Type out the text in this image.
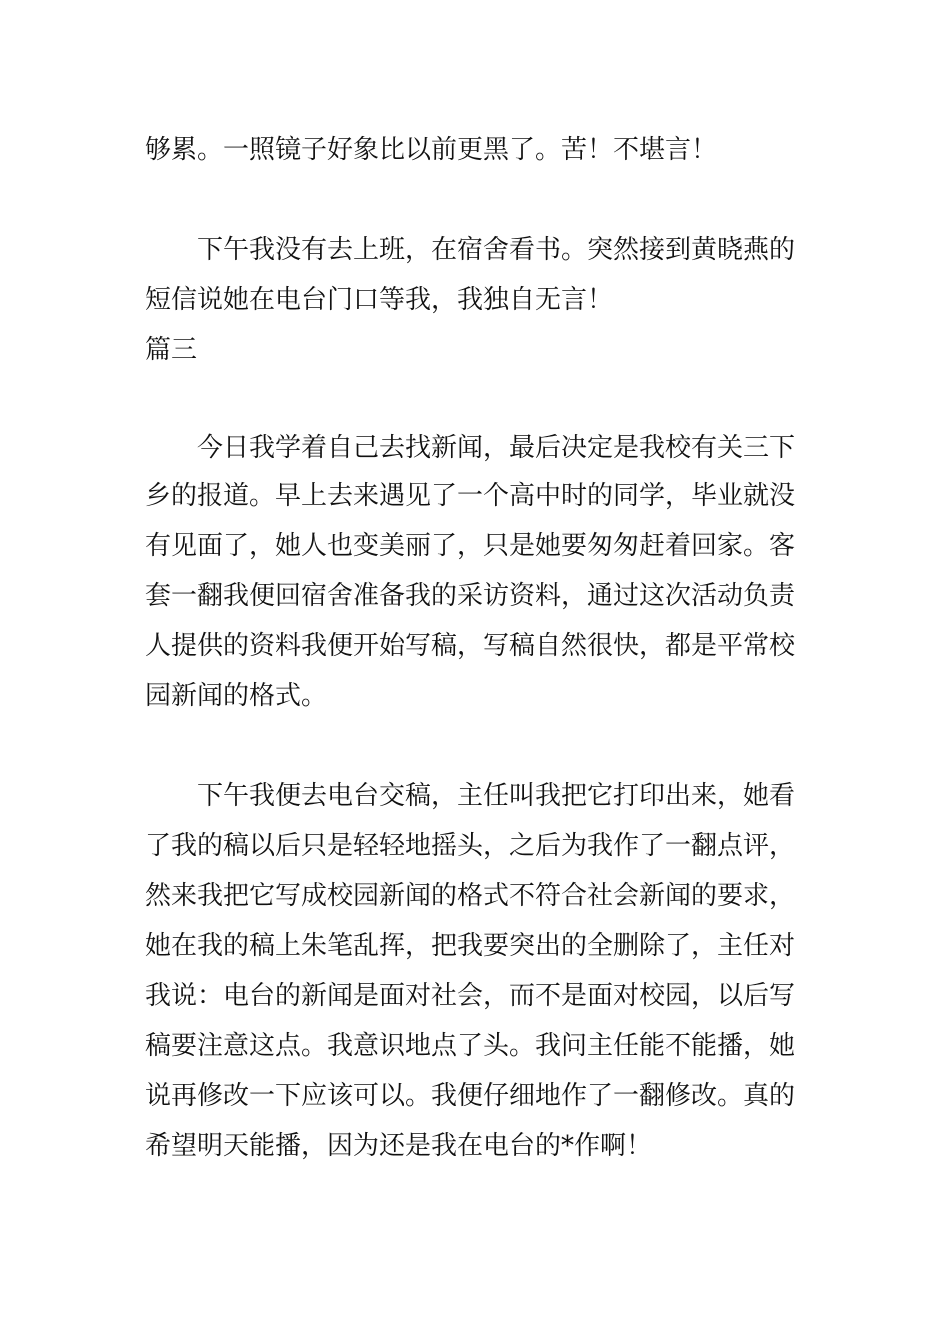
够累。一照镜子好象比以前更黑了。苦！不堪言！
下午我没有去上班，在宿舍看书。突然接到黄晓燕的
短信说她在电台门口等我，我独自无言！
篇三
今日我学着自己去找新闻，最后决定是我校有关三下
乡的报道。早上去来遇见了一个高中时的同学，毕业就没
有见面了，她人也变美丽了，只是她要匆匆赶着回家。客
套一翻我便回宿舍准备我的采访资料，通过这次活动负责
人提供的资料我便开始写稿，写稿自然很快，都是平常校
园新闻的格式。
下午我便去电台交稿，主任叫我把它打印出来，她看
了我的稿以后只是轻轻地摇头，之后为我作了一翻点评，
然来我把它写成校园新闻的格式不符合社会新闻的要求，
她在我的稿上朱笔乱挥，把我要突出的全删除了，主任对
我说：电台的新闻是面对社会，而不是面对校园，以后写
稿要注意这点。我意识地点了头。我问主任能不能播，她
说再修改一下应该可以。我便仔细地作了一翻修改。真的
希望明天能播，因为还是我在电台的*作啊！
